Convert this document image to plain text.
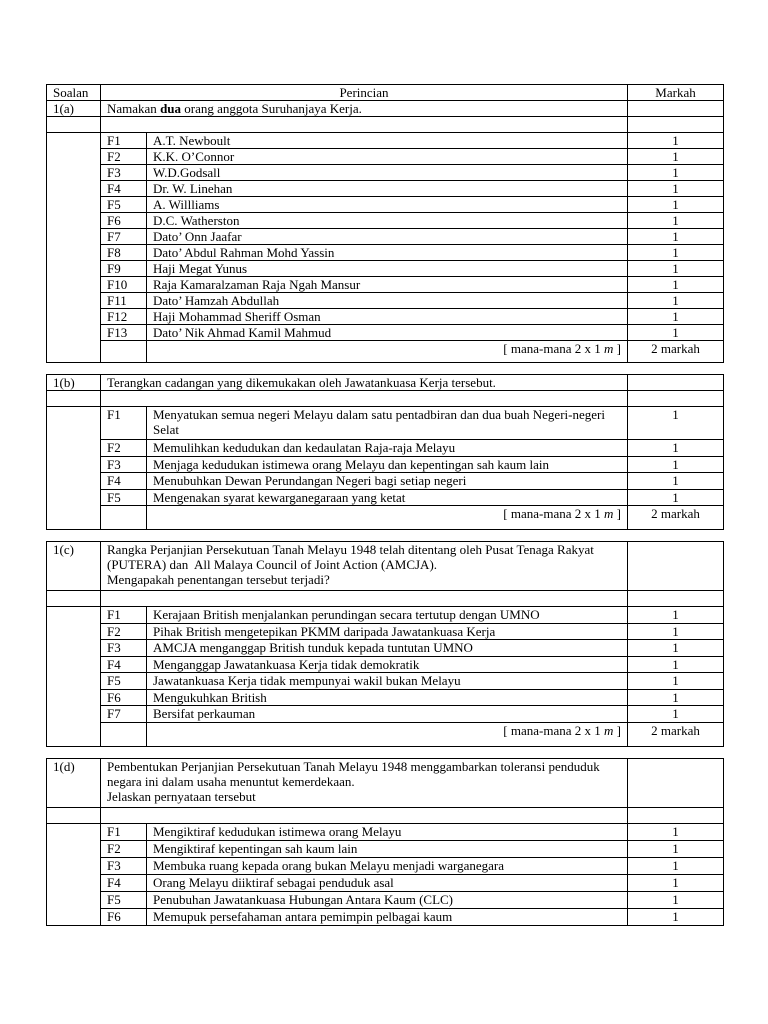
Soalan	Perincian		Markah
1(a)	Namakan dua orang anggota Suruhanjaya Kerja.		

	F1	A.T. Newboult	1
	F2	K.K. O’Connor	1
	F3	W.D.Godsall	1
	F4	Dr. W. Linehan	1
	F5	A. Willliams	1
	F6	D.C. Watherston	1
	F7	Dato’ Onn Jaafar	1
	F8	Dato’ Abdul Rahman Mohd Yassin	1
	F9	Haji Megat Yunus	1
	F10	Raja Kamaralzaman Raja Ngah Mansur	1
	F11	Dato’ Hamzah Abdullah	1
	F12	Haji Mohammad Sheriff Osman	1
	F13	Dato’ Nik Ahmad Kamil Mahmud	1
		[ mana-mana 2 x 1 m ]	2 markah

1(b)	Terangkan cadangan yang dikemukakan oleh Jawatankuasa Kerja tersebut.		

	F1	Menyatukan semua negeri Melayu dalam satu pentadbiran dan dua buah Negeri-negeri Selat	1
	F2	Memulihkan kedudukan dan kedaulatan Raja-raja Melayu	1
	F3	Menjaga kedudukan istimewa orang Melayu dan kepentingan sah kaum lain	1
	F4	Menubuhkan Dewan Perundangan Negeri bagi setiap negeri	1
	F5	Mengenakan syarat kewarganegaraan yang ketat	1
		[ mana-mana 2 x 1 m ]	2 markah

1(c)	Rangka Perjanjian Persekutuan Tanah Melayu 1948 telah ditentang oleh Pusat Tenaga Rakyat (PUTERA) dan  All Malaya Council of Joint Action (AMCJA).
Mengapakah penentangan tersebut terjadi?		

	F1	Kerajaan British menjalankan perundingan secara tertutup dengan UMNO	1
	F2	Pihak British mengetepikan PKMM daripada Jawatankuasa Kerja	1
	F3	AMCJA menganggap British tunduk kepada tuntutan UMNO	1
	F4	Menganggap Jawatankuasa Kerja tidak demokratik	1
	F5	Jawatankuasa Kerja tidak mempunyai wakil bukan Melayu	1
	F6	Mengukuhkan British	1
	F7	Bersifat perkauman	1
		[ mana-mana 2 x 1 m ]	2 markah

1(d)	Pembentukan Perjanjian Persekutuan Tanah Melayu 1948 menggambarkan toleransi penduduk negara ini dalam usaha menuntut kemerdekaan.
Jelaskan pernyataan tersebut		

	F1	Mengiktiraf kedudukan istimewa orang Melayu	1
	F2	Mengiktiraf kepentingan sah kaum lain	1
	F3	Membuka ruang kepada orang bukan Melayu menjadi warganegara	1
	F4	Orang Melayu diiktiraf sebagai penduduk asal	1
	F5	Penubuhan Jawatankuasa Hubungan Antara Kaum (CLC)	1
	F6	Memupuk persefahaman antara pemimpin pelbagai kaum	1
